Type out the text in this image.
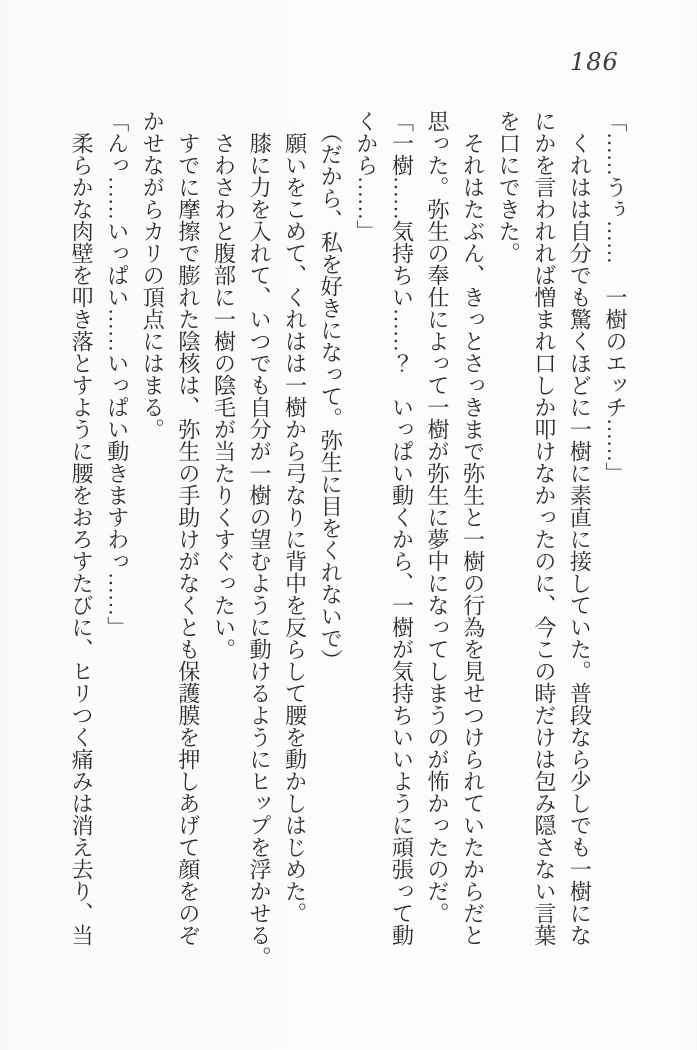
186
「……うぅ……　一樹のエッチ……」
　くれはは自分でも驚くほどに一樹に素直に接していた。普段なら少しでも一樹にな
にかを言われれば憎まれ口しか叩けなかったのに、今この時だけは包み隠さない言葉
を口にできた。
　それはたぶん、きっとさっきまで弥生と一樹の行為を見せつけられていたからだと
思った。弥生の奉仕によって一樹が弥生に夢中になってしまうのが怖かったのだ。
「一樹……気持ちい……？　いっぱい動くから、一樹が気持ちいいように頑張って動
くから……」
　（だから、私を好きになって。弥生に目をくれないで）
　願いをこめて、くれはは一樹から弓なりに背中を反らして腰を動かしはじめた。
　膝に力を入れて、いつでも自分が一樹の望むように動けるようにヒップを浮かせる。
　さわさわと腹部に一樹の陰毛が当たりくすぐったい。
　すでに摩擦で膨れた陰核は、弥生の手助けがなくとも保護膜を押しあげて顔をのぞ
かせながらカリの頂点にはまる。
「んっ……いっぱい……いっぱい動きますわっ……」
　柔らかな肉壁を叩き落とすように腰をおろすたびに、ヒリつく痛みは消え去り、当
